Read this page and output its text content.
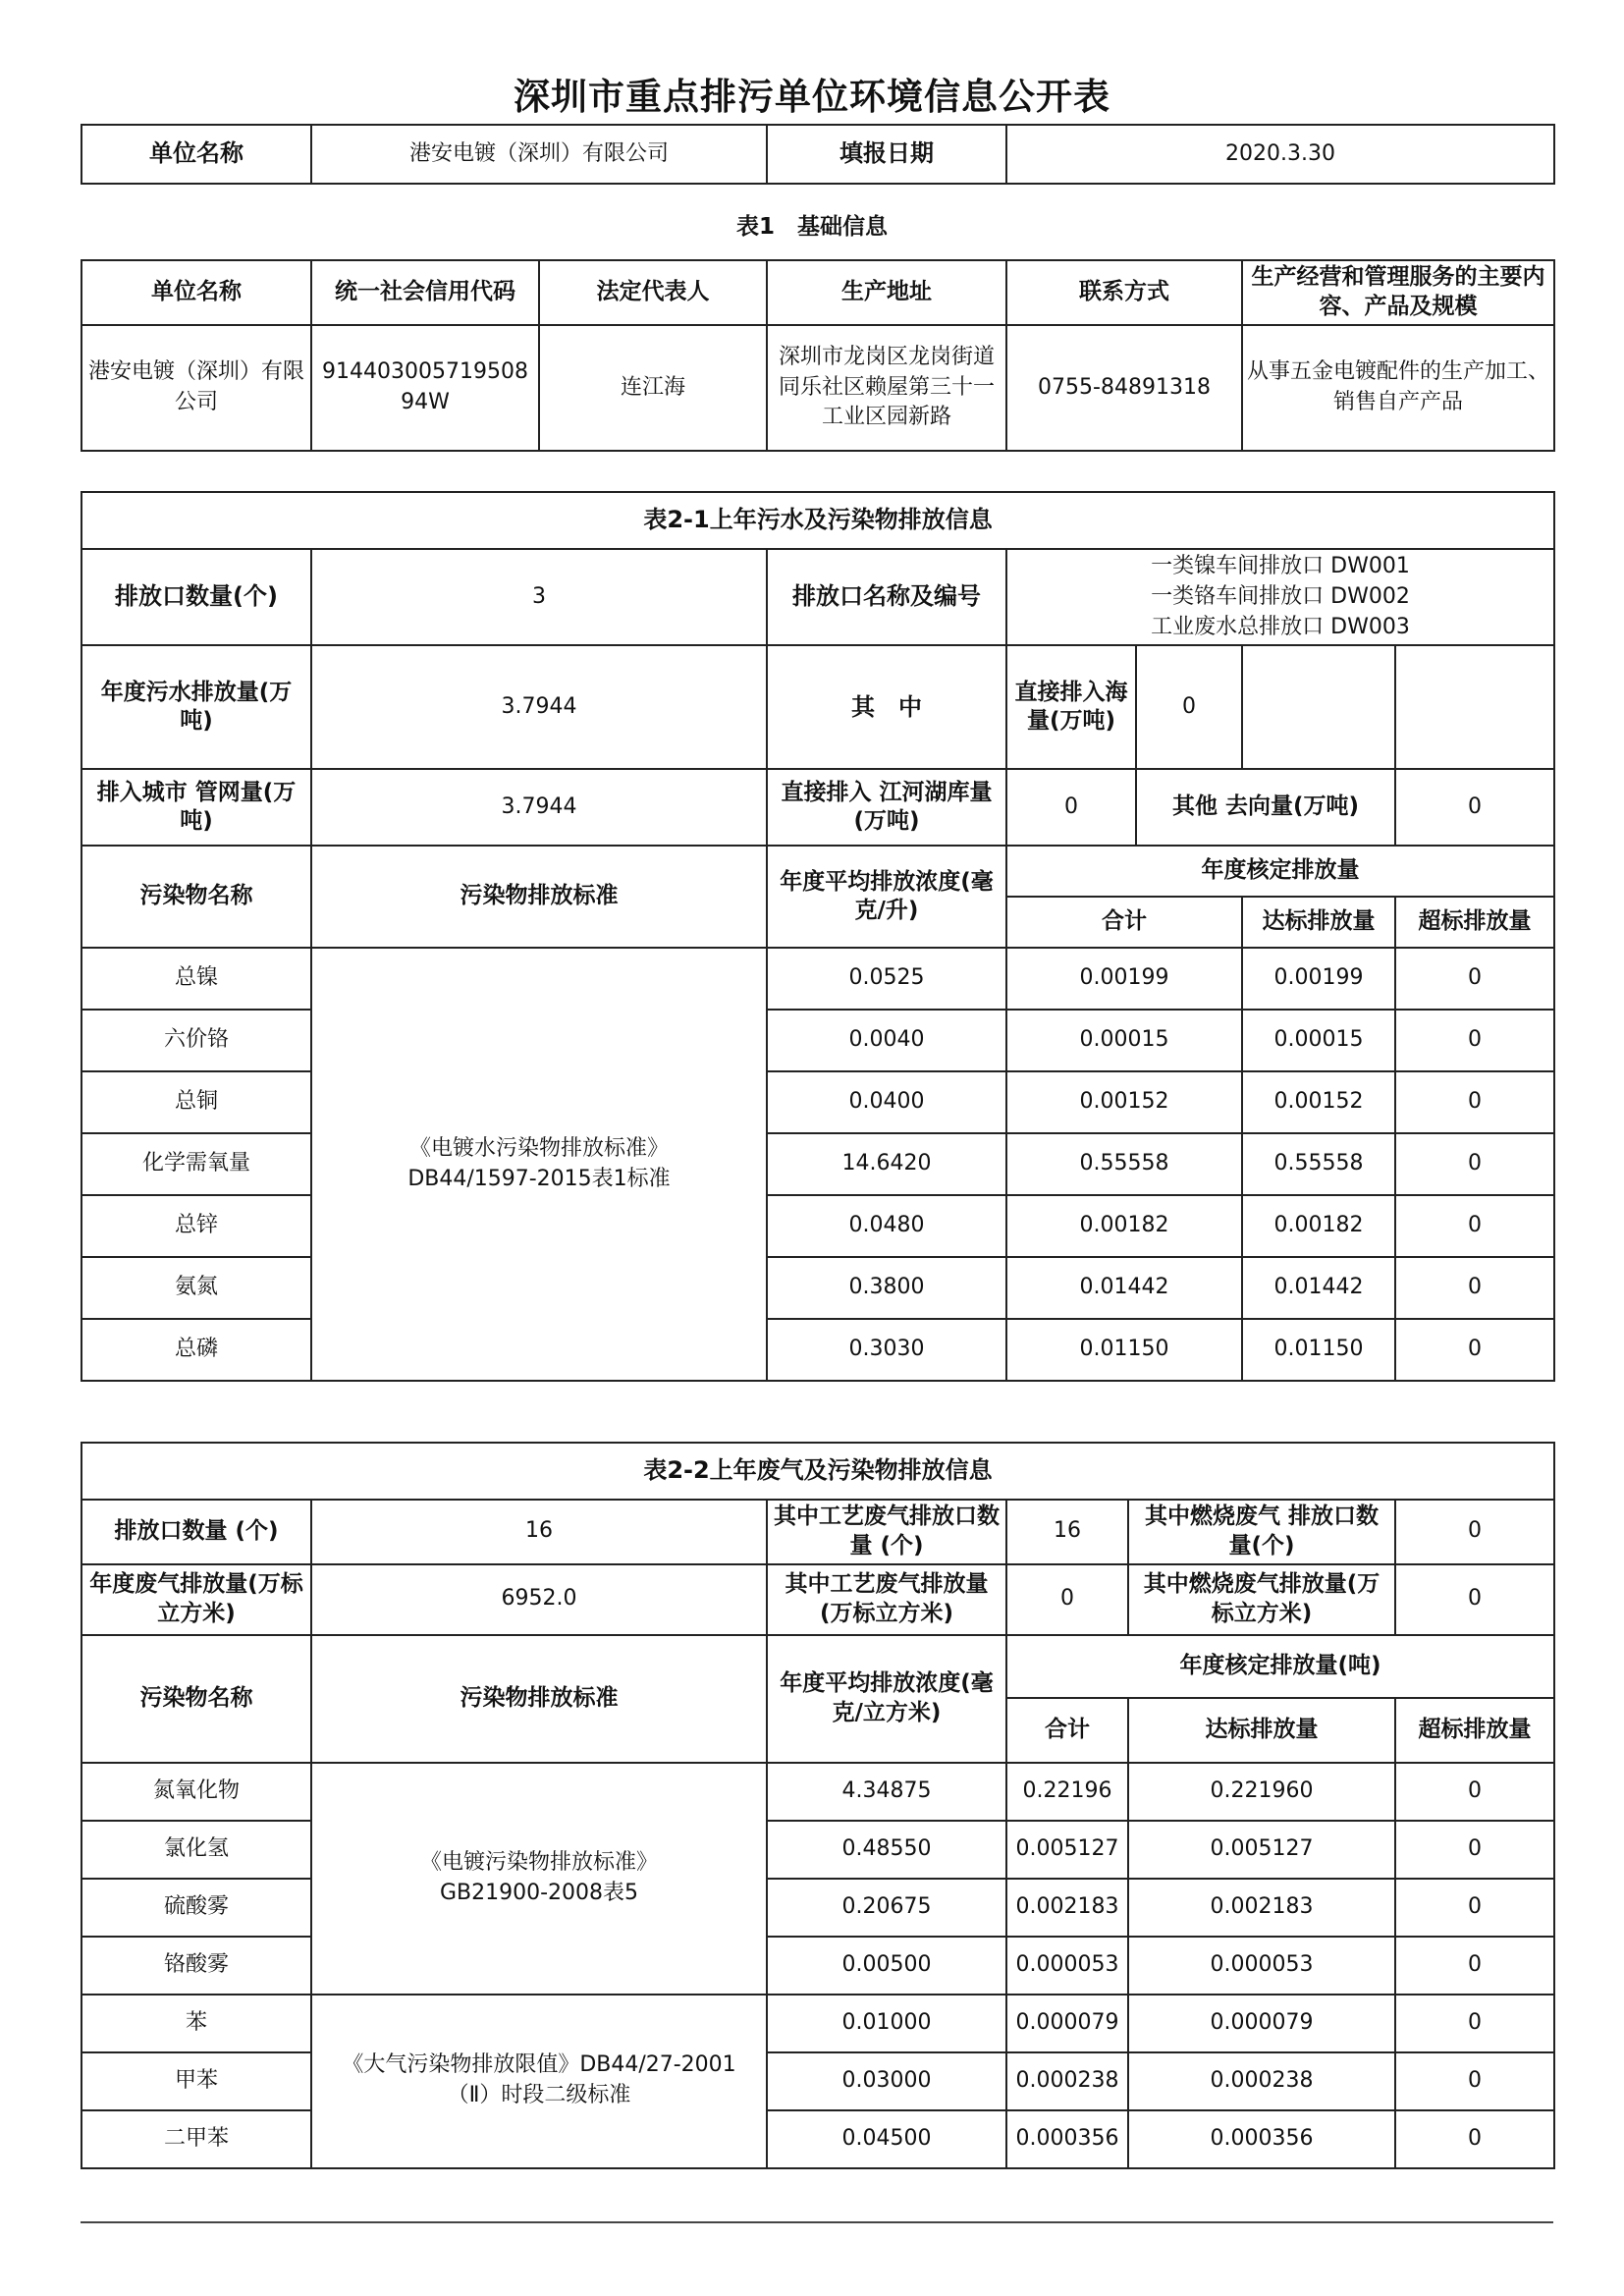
深圳市重点排污单位环境信息公开表
单位名称	港安电镀（深圳）有限公司	填报日期	2020.3.30
表1　基础信息
单位名称	统一社会信用代码	法定代表人	生产地址	联系方式	生产经营和管理服务的主要内容、产品及规模
港安电镀（深圳）有限公司	91440300571950894W	连江海	深圳市龙岗区龙岗街道同乐社区赖屋第三十一工业区园新路	0755-84891318	从事五金电镀配件的生产加工、销售自产产品
表2-1上年污水及污染物排放信息						
排放口数量(个)	3	排放口名称及编号	一类镍车间排放口 DW001
一类铬车间排放口 DW002
工业废水总排放口 DW003			

年度污水排放量(万吨)	3.7944	其　中	直接排入海量(万吨)	0		
排入城市 管网量(万吨)	3.7944	直接排入 江河湖库量 (万吨)	0	其他 去向量(万吨)		0
污染物名称	污染物排放标准	年度平均排放浓度(毫克/升)	年度核定排放量			
			合计		达标排放量	超标排放量
总镍	《电镀水污染物排放标准》DB44/1597-2015表1标准	0.0525	0.00199		0.00199	0
六价铬		0.0040	0.00015		0.00015	0
总铜		0.0400	0.00152		0.00152	0
化学需氧量		14.6420	0.55558		0.55558	0
总锌		0.0480	0.00182		0.00182	0
氨氮		0.3800	0.01442		0.01442	0
总磷		0.3030	0.01150		0.01150	0
表2-2上年废气及污染物排放信息					
排放口数量 (个)	16	其中工艺废气排放口数量 (个)	16	其中燃烧废气 排放口数量(个)	0
年度废气排放量(万标立方米)	6952.0	其中工艺废气排放量(万标立方米)	0	其中燃烧废气排放量(万标立方米)	0
污染物名称	污染物排放标准	年度平均排放浓度(毫克/立方米)	年度核定排放量(吨)		
			合计	达标排放量	超标排放量
氮氧化物	《电镀污染物排放标准》GB21900-2008表5	4.34875	0.22196	0.221960	0
氯化氢		0.48550	0.005127	0.005127	0
硫酸雾		0.20675	0.002183	0.002183	0
铬酸雾		0.00500	0.000053	0.000053	0
苯	《大气污染物排放限值》DB44/27-2001（Ⅱ）时段二级标准	0.01000	0.000079	0.000079	0
甲苯		0.03000	0.000238	0.000238	0
二甲苯		0.04500	0.000356	0.000356	0
